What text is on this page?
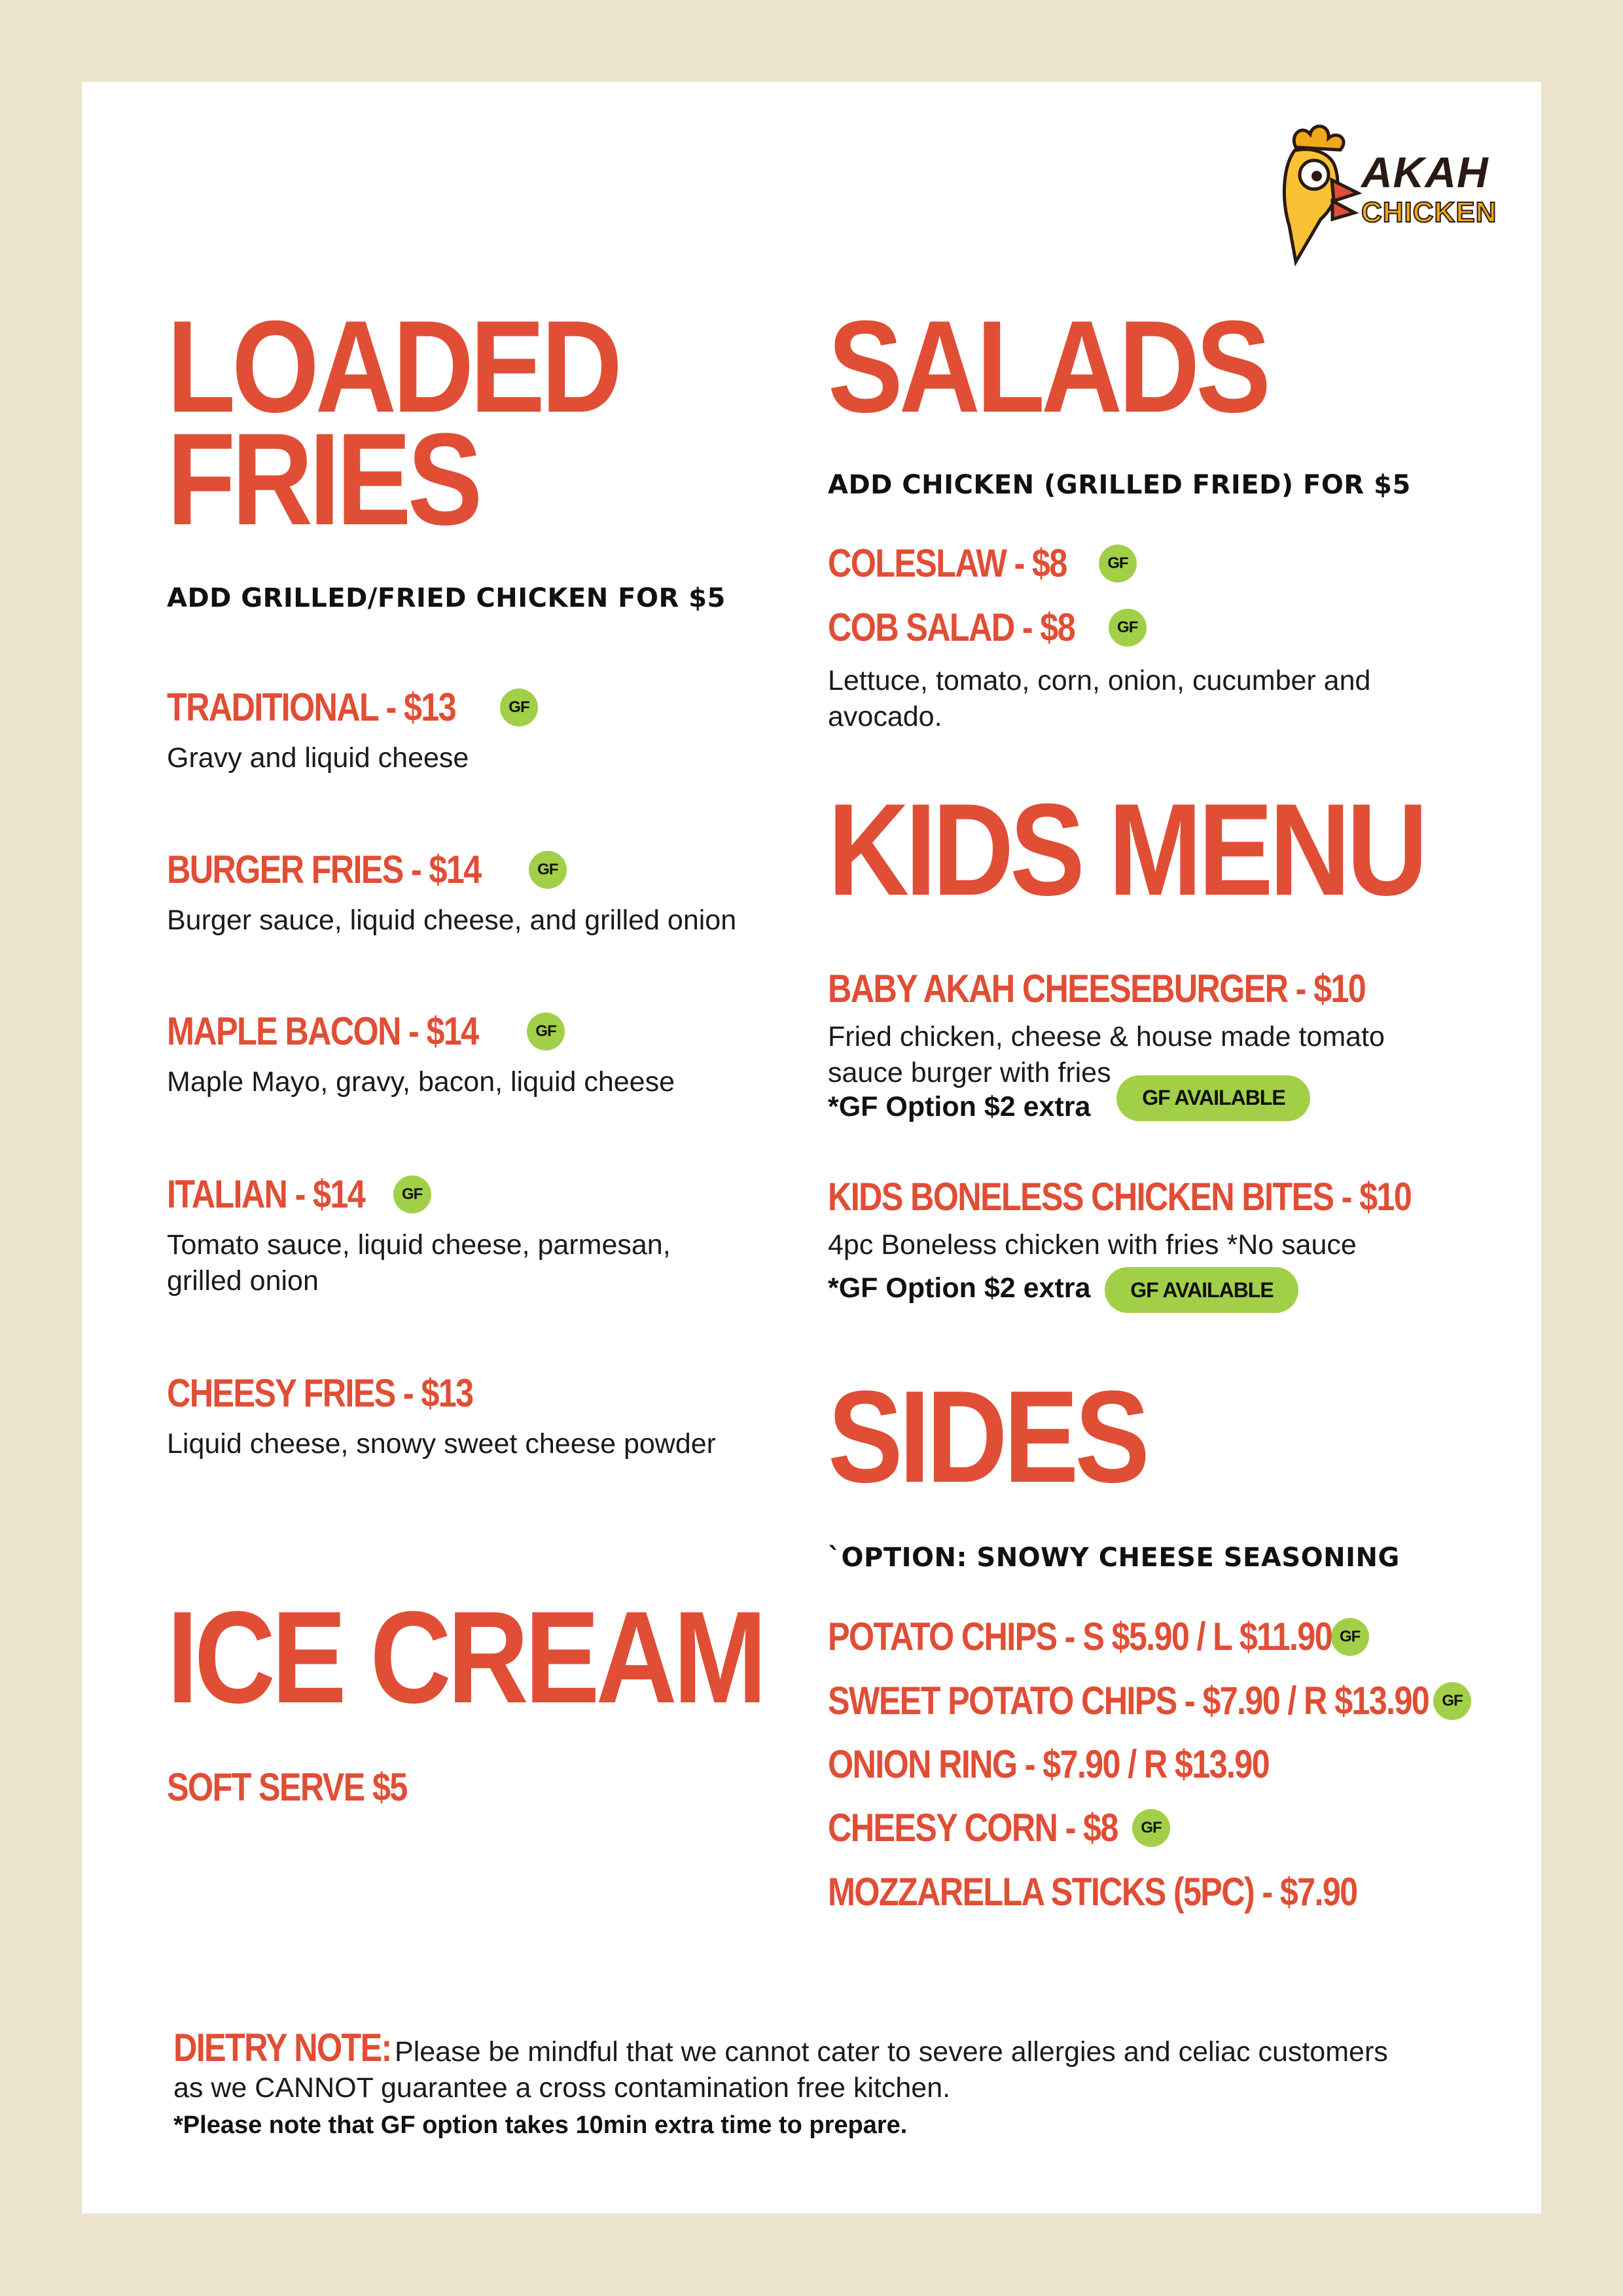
AKAH
CHICKEN
LOADED
FRIES

ADD GRILLED/FRIED CHICKEN FOR $5

TRADITIONAL - $13	GF

Gravy and liquid cheese

BURGER FRIES - $14	GF

Burger sauce, liquid cheese, and grilled onion

MAPLE BACON - $14	GF

Maple Mayo, gravy, bacon, liquid cheese

ITALIAN - $14	GF

Tomato sauce, liquid cheese, parmesan,

grilled onion

CHEESY FRIES - $13

Liquid cheese, snowy sweet cheese powder

ICE CREAM
SOFT SERVE $5
SALADS

ADD CHICKEN (GRILLED FRIED) FOR $5

COLESLAW - $8	GF
COB SALAD - $8	GF

Lettuce, tomato, corn, onion, cucumber and

avocado.

KIDS MENU
BABY AKAH CHEESEBURGER - $10

Fried chicken, cheese & house made tomato

sauce burger with fries

*GF Option $2 extra	GF AVAILABLE
KIDS BONELESS CHICKEN BITES - $10

4pc Boneless chicken with fries *No sauce

*GF Option $2 extra	GF AVAILABLE
SIDES

`OPTION: SNOWY CHEESE SEASONING

POTATO CHIPS - S $5.90 / L $11.90 GF
SWEET POTATO CHIPS - $7.90 / R $13.90 GF
ONION RING - $7.90 / R $13.90
CHEESY CORN - $8	GF
MOZZARELLA STICKS (5PC) - $7.90
DIETRY NOTE: Please be mindful that we cannot cater to severe allergies and celiac customers

as we CANNOT guarantee a cross contamination free kitchen.

*Please note that GF option takes 10min extra time to prepare.
